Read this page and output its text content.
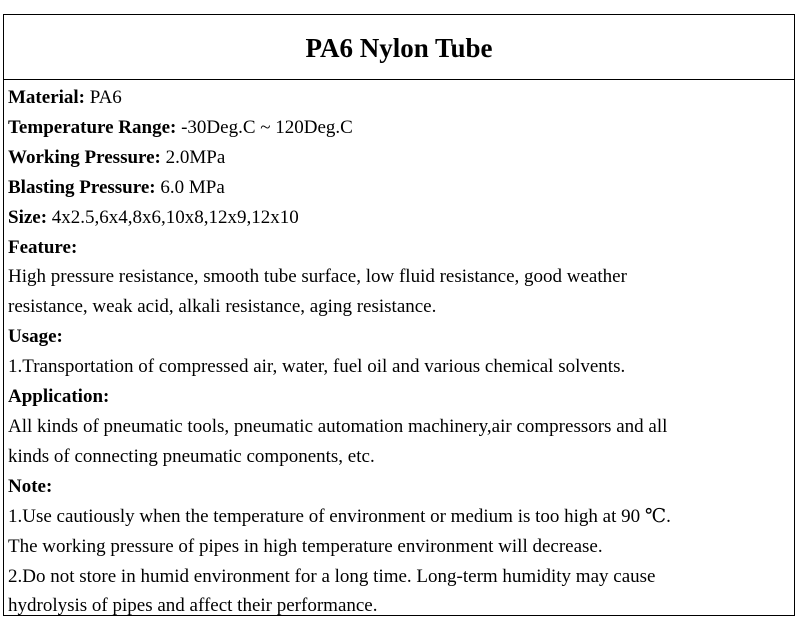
PA6 Nylon Tube
Material: PA6
Temperature Range: -30Deg.C ~ 120Deg.C
Working Pressure: 2.0MPa
Blasting Pressure: 6.0 MPa
Size: 4x2.5,6x4,8x6,10x8,12x9,12x10
Feature:
High pressure resistance, smooth tube surface, low fluid resistance, good weather
resistance, weak acid, alkali resistance, aging resistance.
Usage:
1.Transportation of compressed air, water, fuel oil and various chemical solvents.
Application:
All kinds of pneumatic tools, pneumatic automation machinery,air compressors and all
kinds of connecting pneumatic components, etc.
Note:
1.Use cautiously when the temperature of environment or medium is too high at 90 ℃.
The working pressure of pipes in high temperature environment will decrease.
2.Do not store in humid environment for a long time. Long-term humidity may cause
hydrolysis of pipes and affect their performance.
